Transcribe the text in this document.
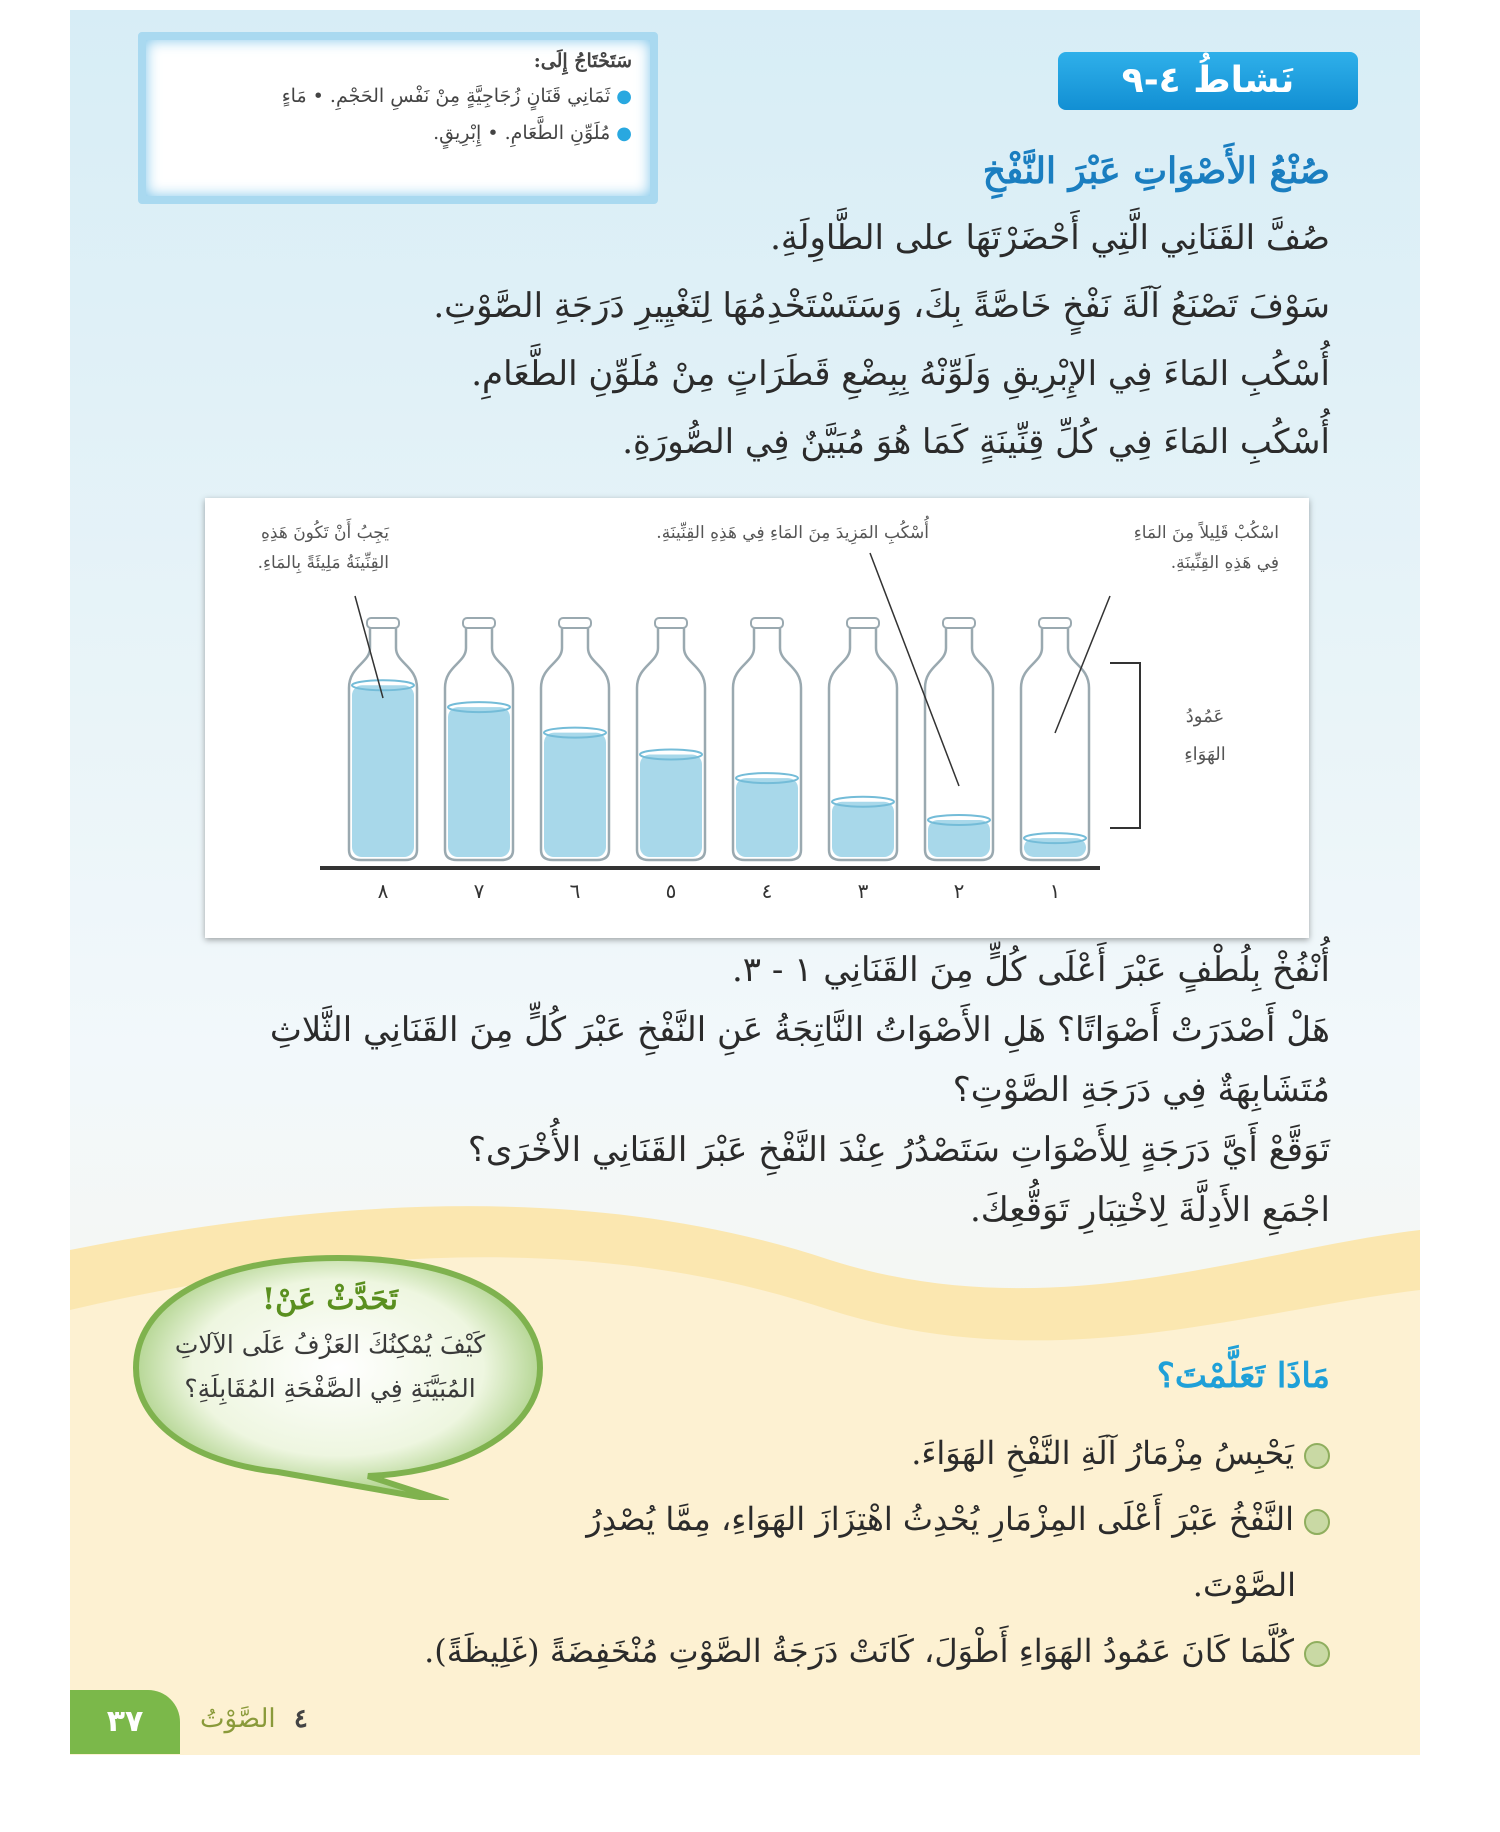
سَتَحْتَاجُ إِلَى:
●ثَمَانِي قَنَانٍ زُجَاجِيَّةٍ مِنْ نَفْسِ الحَجْمِ. • مَاءٍ
●مُلَوِّنِ الطَّعَامِ. • إِبْرِيقٍ.
نَشاطُ ٤-٩
صُنْعُ الأَصْوَاتِ عَبْرَ النَّفْخِ
صُفَّ القَنَانِي الَّتِي أَحْضَرْتَهَا على الطَّاوِلَةِ.
سَوْفَ تَصْنَعُ آلَةَ نَفْخٍ خَاصَّةً بِكَ، وَسَتَسْتَخْدِمُهَا لِتَغْيِيرِ دَرَجَةِ الصَّوْتِ.
أُسْكُبِ المَاءَ فِي الإِبْرِيقِ وَلَوِّنْهُ بِبِضْعِ قَطَرَاتٍ مِنْ مُلَوِّنِ الطَّعَامِ.
أُسْكُبِ المَاءَ فِي كُلِّ قِنِّينَةٍ كَمَا هُوَ مُبَيَّنٌ فِي الصُّورَةِ.
١
٢
٣
٤
٥
٦
٧
٨
يَجِبُ أَنْ تَكُونَ هَذِهِ
القِنِّينَةُ مَلِيئَةً بِالمَاءِ.
أُسْكُبِ المَزِيدَ مِنَ المَاءِ فِي هَذِهِ القِنِّينَةِ.	اسْكُبْ قَلِيلاً مِنَ المَاءِ
فِي هَذِهِ القِنِّينَةِ.
عَمُودُ
الهَوَاءِ
أُنْفُخْ بِلُطْفٍ عَبْرَ أَعْلَى كُلٍّ مِنَ القَنَانِي ١ - ٣.
هَلْ أَصْدَرَتْ أَصْوَاتًا؟ هَلِ الأَصْوَاتُ النَّاتِجَةُ عَنِ النَّفْخِ عَبْرَ كُلٍّ مِنَ القَنَانِي الثَّلاثِ
مُتَشَابِهَةٌ فِي دَرَجَةِ الصَّوْتِ؟
تَوَقَّعْ أَيَّ دَرَجَةٍ لِلأَصْوَاتِ سَتَصْدُرُ عِنْدَ النَّفْخِ عَبْرَ القَنَانِي الأُخْرَى؟
اجْمَعِ الأَدِلَّةَ لِاخْتِبَارِ تَوَقُّعِكَ.
تَحَدَّثْ عَنْ!
كَيْفَ يُمْكِنُكَ العَزْفُ عَلَى الآلاتِ المُبَيَّنَةِ فِي الصَّفْحَةِ المُقَابِلَةِ؟	مَاذَا تَعَلَّمْتَ؟
يَحْبِسُ مِزْمَارُ آلَةِ النَّفْخِ الهَوَاءَ.
النَّفْخُ عَبْرَ أَعْلَى المِزْمَارِ يُحْدِثُ اهْتِزَازَ الهَوَاءِ، مِمَّا يُصْدِرُ
الصَّوْتَ.
كُلَّمَا كَانَ عَمُودُ الهَوَاءِ أَطْوَلَ، كَانَتْ دَرَجَةُ الصَّوْتِ مُنْخَفِضَةً (غَلِيظَةً).
٣٧	٤ الصَّوْتُ
